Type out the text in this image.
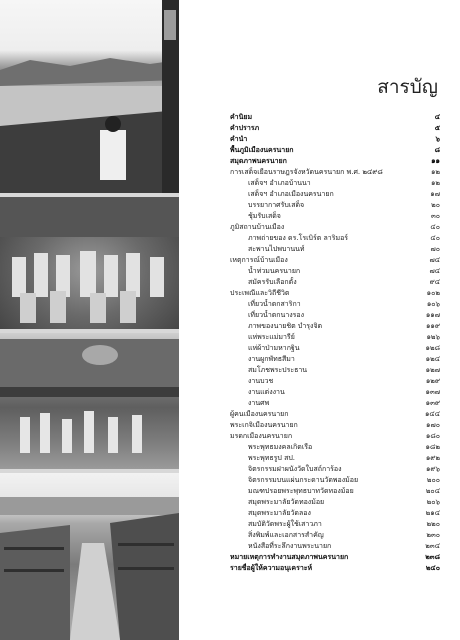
สารบัญ
คำนิยม	๔
คำปรารภ	๕
คำนำ	๖
พื้นภูมิเมืองนครนายก	๘
สมุดภาพนครนายก	๑๑
การเสด็จเยือนราษฎรจังหวัดนครนายก พ.ศ. ๒๔๙๘	๑๒
เสด็จฯ อำเภอบ้านนา	๑๒
เสด็จฯ อำเภอเมืองนครนายก	๑๗
บรรยากาศรับเสด็จ	๒๐
ชุ้มรับเสด็จ	๓๐
ภูมิสถานบ้านเมือง	๔๐
ภาพถ่ายของ ดร.โรเบิร์ต ลาริมอร์	๔๐
สะพานไปพบานนท์	๗๐
เหตุการณ์บ้านเมือง	๗๔
น้ำท่วมนครนายก	๗๔
สมัครรับเลือกตั้ง	๙๔
ประเพณีและวิถีชีวิต	๑๐๒
เที่ยวน้ำตกสาริกา	๑๐๖
เที่ยวน้ำตกนางรอง	๑๑๗
ภาพของนายชิต บำรุงจิต	๑๑๙
แห่พระแม่มารีย์	๑๒๖
แห่ผ้าป่ามหากฐิน	๑๒๘
งานผูกพัทธสีมา	๑๒๔
สมโภชพระประธาน	๑๒๗
งานบวช	๑๒๙
งานแต่งงาน	๑๓๗
งานศพ	๑๓๙
ผู้คนเมืองนครนายก	๑๔๔
พระเกจิเมืองนครนายก	๑๗๐
มรดกเมืองนครนายก	๑๘๐
พระพุทธมงคลเกิดเรือ	๑๘๒
พระพุทธรูป สป.	๑๙๒
จิตรกรรมฝาผนังวัดใบสถ์การ้อง	๑๙๖
จิตรกรรมบนแผ่นกระดานวัดพองม้อย	๒๐๐
มณฑปรอยพระพุทธบาทวัดทองม้อย	๒๐๔
สมุดพระมาลัยวัดทองม้อย	๒๐๖
สมุดพระมาลัยวัดลอง	๒๑๔
สมบัติวัดพระผู้ใช้เสาวภา	๒๒๐
สิ่งพิมพ์และเอกสารสำคัญ	๒๓๐
หนังสือที่ระลึกงานพระนายก	๒๓๔
หมายเหตุการทำงานสมุดภาพนครนายก	๒๓๘
รายชื่อผู้ให้ความอนุเคราะห์	๒๔๐
